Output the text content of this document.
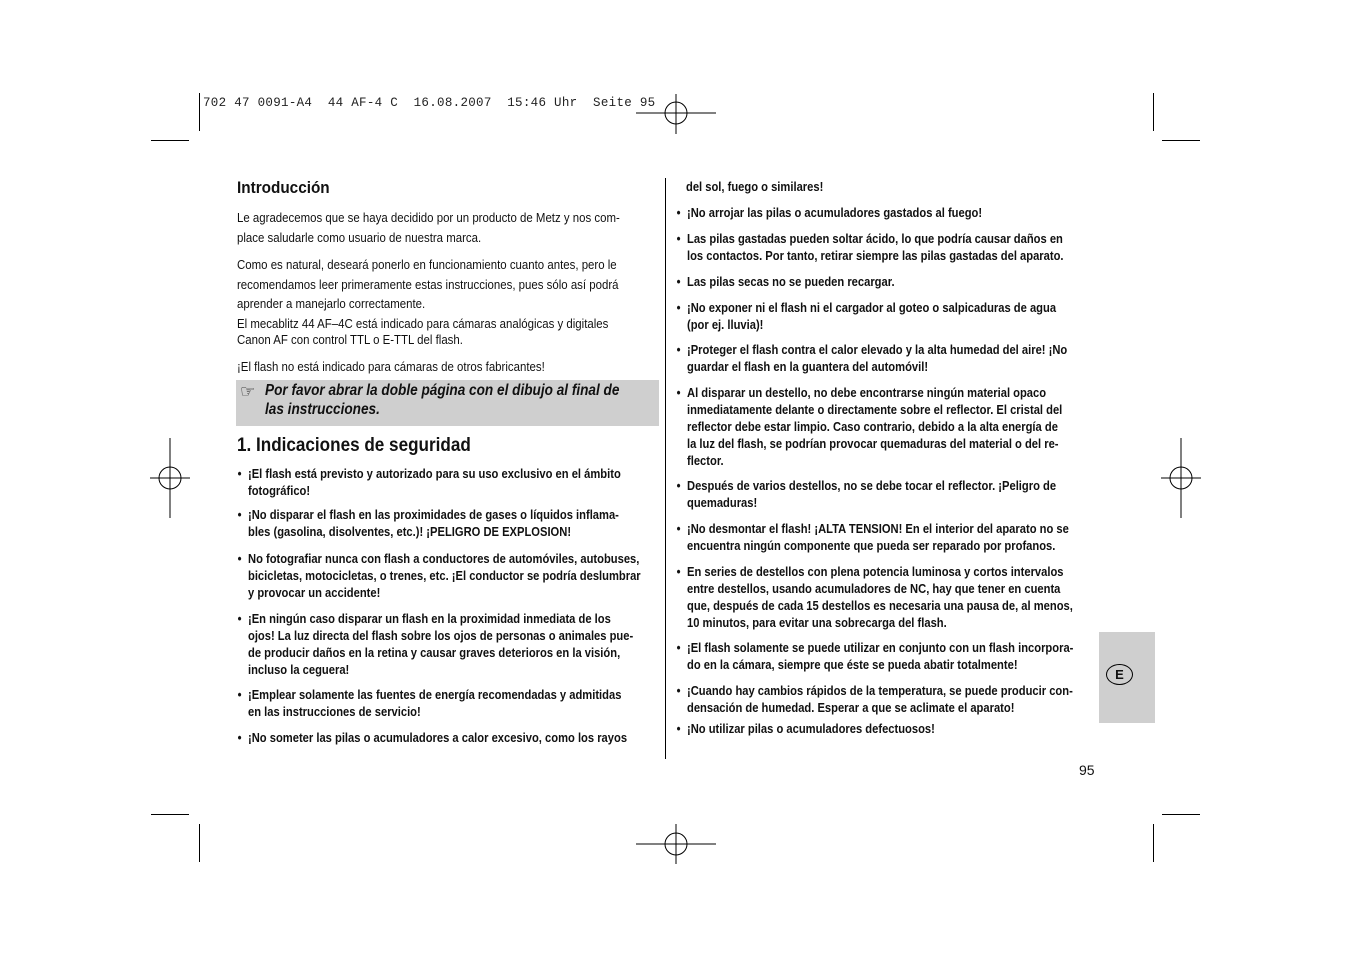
702 47 0091-A4  44 AF-4 C  16.08.2007  15:46 Uhr  Seite 95
Introducción
Le agradecemos que se haya decidido por un producto de Metz y nos com-
place saludarle como usuario de nuestra marca.
Como es natural, deseará ponerlo en funcionamiento cuanto antes, pero le
recomendamos leer primeramente estas instrucciones, pues sólo así podrá
aprender a manejarlo correctamente.
El mecablitz 44 AF–4C está indicado para cámaras analógicas y digitales
Canon AF con control TTL o E-TTL del flash.
¡El flash no está indicado para cámaras de otros fabricantes!
☞ Por favor abrar la doble página con el dibujo al final de
las instrucciones.
1. Indicaciones de seguridad
• ¡El flash está previsto y autorizado para su uso exclusivo en el ámbito
fotográfico!
• ¡No disparar el flash en las proximidades de gases o líquidos inflama-
bles (gasolina, disolventes, etc.)! ¡PELIGRO DE EXPLOSION!
• No fotografiar nunca con flash a conductores de automóviles, autobuses,
bicicletas, motocicletas, o trenes, etc. ¡El conductor se podría deslumbrar
y provocar un accidente!
• ¡En ningún caso disparar un flash en la proximidad inmediata de los
ojos! La luz directa del flash sobre los ojos de personas o animales pue-
de producir daños en la retina y causar graves deterioros en la visión,
incluso la ceguera!
• ¡Emplear solamente las fuentes de energía recomendadas y admitidas
en las instrucciones de servicio!
• ¡No someter las pilas o acumuladores a calor excesivo, como los rayos
del sol, fuego o similares!
• ¡No arrojar las pilas o acumuladores gastados al fuego!
• Las pilas gastadas pueden soltar ácido, lo que podría causar daños en
los contactos. Por tanto, retirar siempre las pilas gastadas del aparato.
• Las pilas secas no se pueden recargar.
• ¡No exponer ni el flash ni el cargador al goteo o salpicaduras de agua
(por ej. lluvia)!
• ¡Proteger el flash contra el calor elevado y la alta humedad del aire! ¡No
guardar el flash en la guantera del automóvil!
• Al disparar un destello, no debe encontrarse ningún material opaco
inmediatamente delante o directamente sobre el reflector. El cristal del
reflector debe estar limpio. Caso contrario, debido a la alta energía de
la luz del flash, se podrían provocar quemaduras del material o del re-
flector.
• Después de varios destellos, no se debe tocar el reflector. ¡Peligro de
quemaduras!
• ¡No desmontar el flash! ¡ALTA TENSION! En el interior del aparato no se
encuentra ningún componente que pueda ser reparado por profanos.
• En series de destellos con plena potencia luminosa y cortos intervalos
entre destellos, usando acumuladores de NC, hay que tener en cuenta
que, después de cada 15 destellos es necesaria una pausa de, al menos,
10 minutos, para evitar una sobrecarga del flash.
• ¡El flash solamente se puede utilizar en conjunto con un flash incorpora-
do en la cámara, siempre que éste se pueda abatir totalmente!
• ¡Cuando hay cambios rápidos de la temperatura, se puede producir con-
densación de humedad. Esperar a que se aclimate el aparato!
• ¡No utilizar pilas o acumuladores defectuosos!
E
95
